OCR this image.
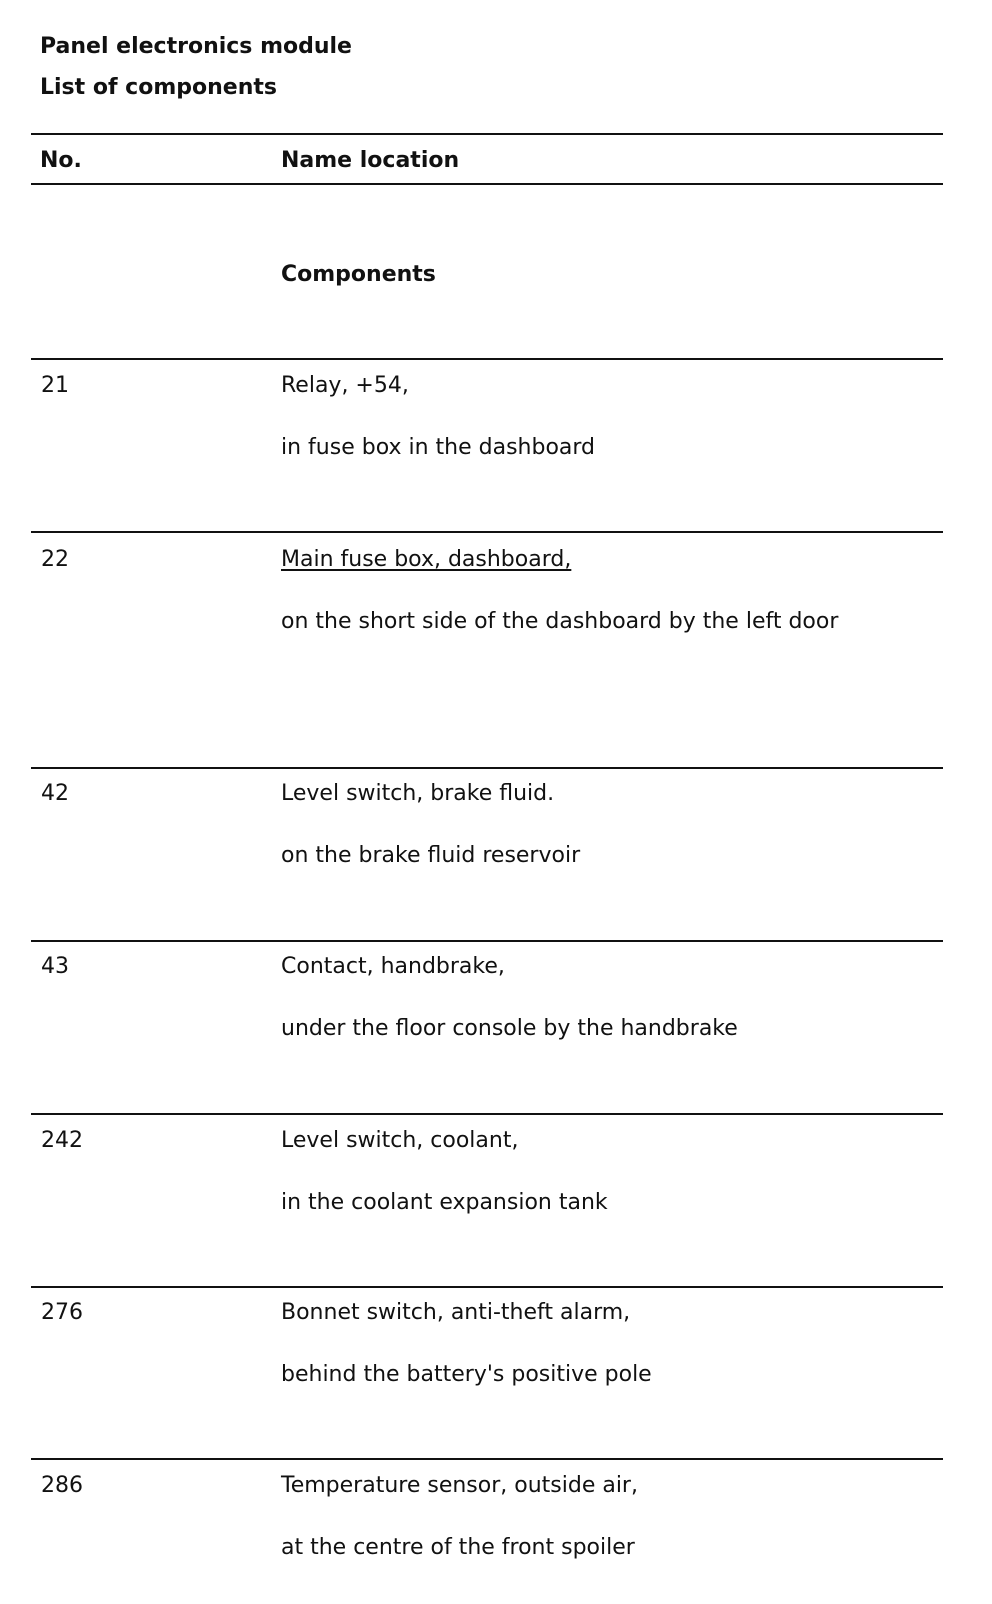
Panel electronics module
List of components
No.	Name location
Components
21	Relay, +54,
in fuse box in the dashboard
22	Main fuse box, dashboard,
on the short side of the dashboard by the left door
42	Level switch, brake fluid.
on the brake fluid reservoir
43	Contact, handbrake,
under the floor console by the handbrake
242	Level switch, coolant,
in the coolant expansion tank
276	Bonnet switch, anti-theft alarm,
behind the battery's positive pole
286	Temperature sensor, outside air,
at the centre of the front spoiler
